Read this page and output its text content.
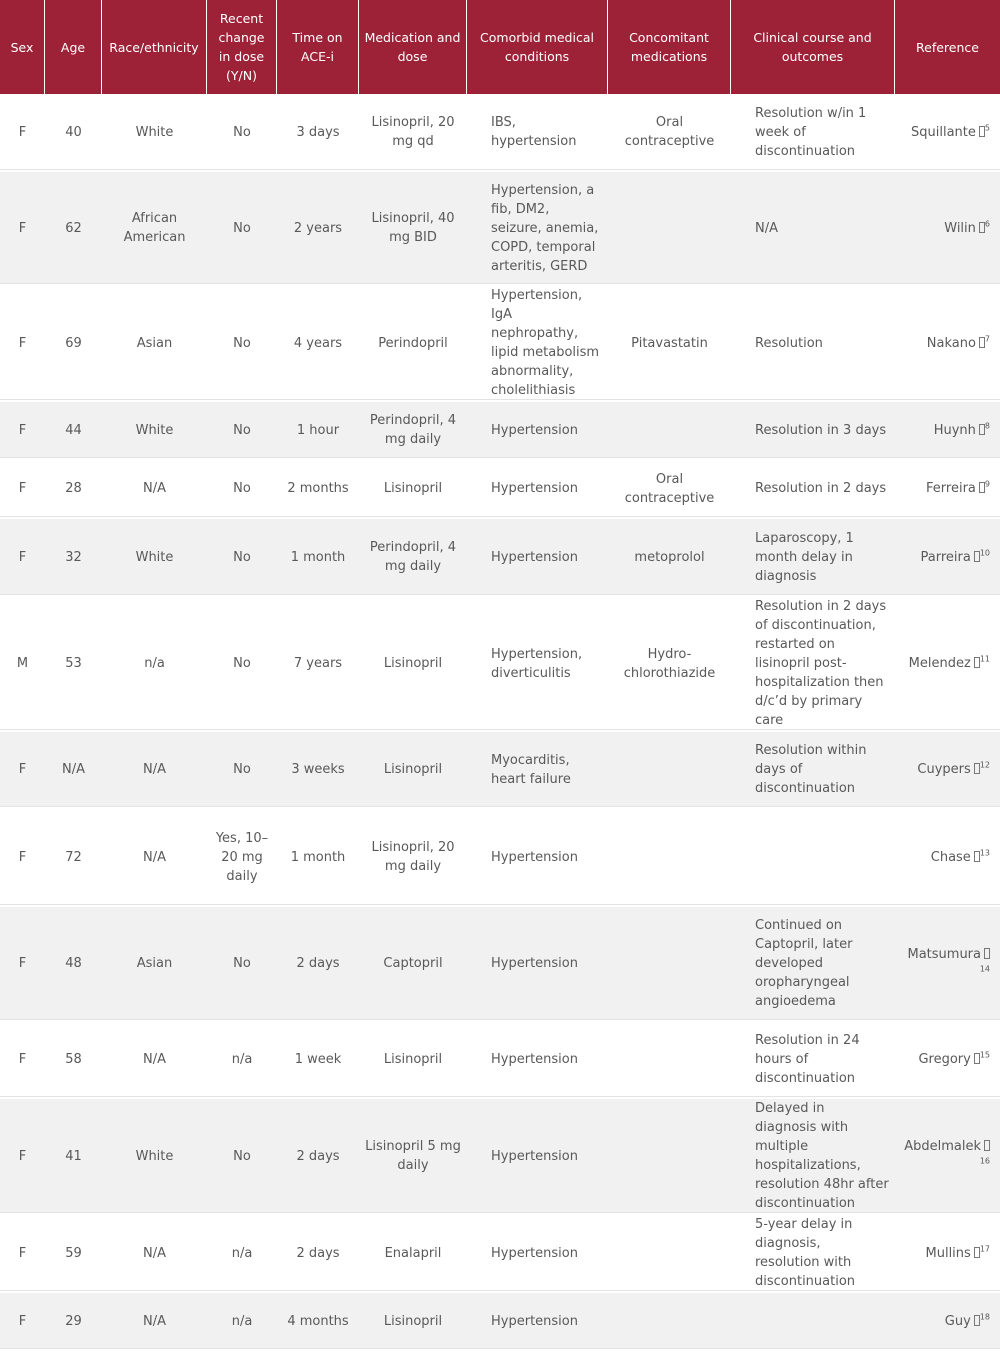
Sex	Age	Race/ethnicity	Recent change in dose (Y/N)	Time on ACE-i	Medication and dose	Comorbid medical conditions	Concomitant medications	Clinical course and outcomes	Reference
F	40	White	No	3 days	Lisinopril, 20 mg qd	IBS, hypertension	Oral contraceptive	Resolution w/in 1 week of discontinuation	Squillante $^5$
F	62	African American	No	2 years	Lisinopril, 40 mg BID	Hypertension, a fib, DM2, seizure, anemia, COPD, temporal arteritis, GERD		N/A	Wilin $^6$
F	69	Asian	No	4 years	Perindopril	Hypertension, IgA nephropathy, lipid metabolism abnormality, cholelithiasis	Pitavastatin	Resolution	Nakano $^7$
F	44	White	No	1 hour	Perindopril, 4 mg daily	Hypertension		Resolution in 3 days	Huynh $^8$
F	28	N/A	No	2 months	Lisinopril	Hypertension	Oral contraceptive	Resolution in 2 days	Ferreira $^9$
F	32	White	No	1 month	Perindopril, 4 mg daily	Hypertension	metoprolol	Laparoscopy, 1 month delay in diagnosis	Parreira $^{10}$
M	53	n/a	No	7 years	Lisinopril	Hypertension, diverticulitis	Hydro-chlorothiazide	Resolution in 2 days of discontinuation, restarted on lisinopril post-hospitalization then d/c’d by primary care	Melendez $^{11}$
F	N/A	N/A	No	3 weeks	Lisinopril	Myocarditis, heart failure		Resolution within days of discontinuation	Cuypers $^{12}$
F	72	N/A	Yes, 10–20 mg daily	1 month	Lisinopril, 20 mg daily	Hypertension			Chase $^{13}$
F	48	Asian	No	2 days	Captopril	Hypertension		Continued on Captopril, later developed oropharyngeal angioedema	Matsumura$^{14}$
F	58	N/A	n/a	1 week	Lisinopril	Hypertension		Resolution in 24 hours of discontinuation	Gregory $^{15}$
F	41	White	No	2 days	Lisinopril 5 mg daily	Hypertension		Delayed in diagnosis with multiple hospitalizations, resolution 48hr after discontinuation	Abdelmalek$^{16}$
F	59	N/A	n/a	2 days	Enalapril	Hypertension		5-year delay in diagnosis, resolution with discontinuation	Mullins $^{17}$
F	29	N/A	n/a	4 months	Lisinopril	Hypertension			Guy $^{18}$
